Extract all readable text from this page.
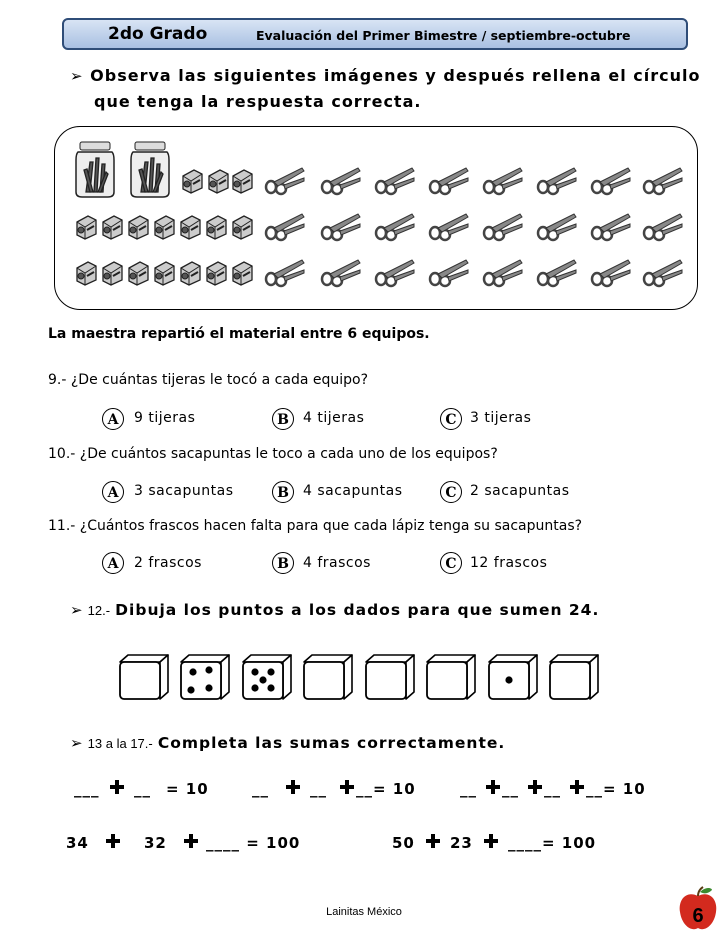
2do Grado	Evaluación del Primer Bimestre / septiembre-octubre
➢ Observa las siguientes imágenes y después rellena el círculo
que tenga la respuesta correcta.
La maestra repartió el material entre 6 equipos.
9.- ¿De cuántas tijeras le tocó a cada equipo?
10.- ¿De cuántos sacapuntas le toco a cada uno de los equipos?
11.- ¿Cuántos frascos hacen falta para que cada lápiz tenga su sacapuntas?
A	9 tijeras	B	4 tijeras	C 3 tijeras
A	3 sacapuntas	B	4 sacapuntas	C 2 sacapuntas
A	2 frascos	B	4 frascos	C 12 frascos
➢ 12.- Dibuja los puntos a los dados para que sumen 24.
➢ 13 a la 17.- Completa las sumas correctamente.
___ __ = 10	__	__ __= 10	__ __ __ __= 10
34	32	____ = 100	50 23 ____= 100
Lainitas México	6
